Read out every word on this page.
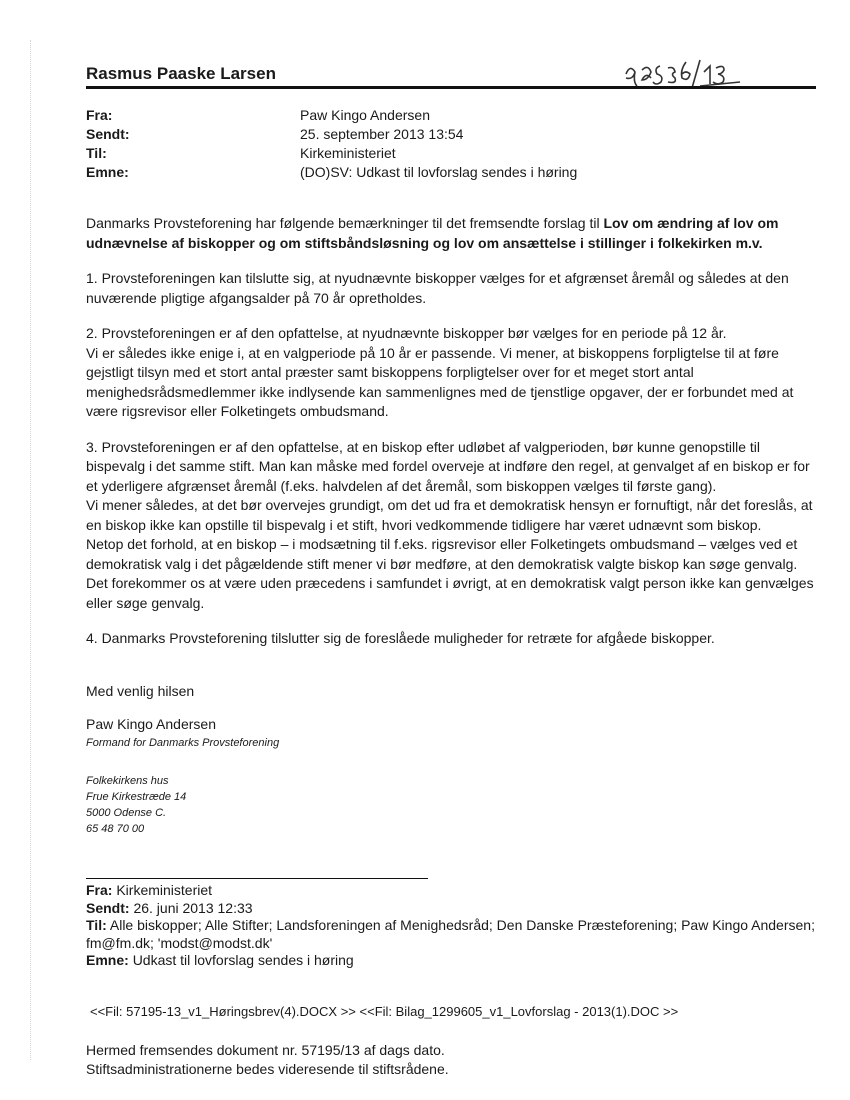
Rasmus Paaske Larsen
Fra:	Paw Kingo Andersen
Sendt:	25. september 2013 13:54
Til:	Kirkeministeriet
Emne:	(DO)SV: Udkast til lovforslag sendes i høring

Danmarks Provsteforening har følgende bemærkninger til det fremsendte forslag til Lov om ændring af lov om udnævnelse af biskopper og om stiftsbåndsløsning og lov om ansættelse i stillinger i folkekirken m.v.

1. Provsteforeningen kan tilslutte sig, at nyudnævnte biskopper vælges for et afgrænset åremål og således at den nuværende pligtige afgangsalder på 70 år opretholdes.

2. Provsteforeningen er af den opfattelse, at nyudnævnte biskopper bør vælges for en periode på 12 år.
Vi er således ikke enige i, at en valgperiode på 10 år er passende. Vi mener, at biskoppens forpligtelse til at føre gejstligt tilsyn med et stort antal præster samt biskoppens forpligtelser over for et meget stort antal menighedsrådsmedlemmer ikke indlysende kan sammenlignes med de tjenstlige opgaver, der er forbundet med at være rigsrevisor eller Folketingets ombudsmand.

3. Provsteforeningen er af den opfattelse, at en biskop efter udløbet af valgperioden, bør kunne genopstille til bispevalg i det samme stift. Man kan måske med fordel overveje at indføre den regel, at genvalget af en biskop er for et yderligere afgrænset åremål (f.eks. halvdelen af det åremål, som biskoppen vælges til første gang).
Vi mener således, at det bør overvejes grundigt, om det ud fra et demokratisk hensyn er fornuftigt, når det foreslås, at en biskop ikke kan opstille til bispevalg i et stift, hvori vedkommende tidligere har været udnævnt som biskop.
Netop det forhold, at en biskop – i modsætning til f.eks. rigsrevisor eller Folketingets ombudsmand – vælges ved et demokratisk valg i det pågældende stift mener vi bør medføre, at den demokratisk valgte biskop kan søge genvalg. Det forekommer os at være uden præcedens i samfundet i øvrigt, at en demokratisk valgt person ikke kan genvælges eller søge genvalg.

4. Danmarks Provsteforening tilslutter sig de foreslåede muligheder for retræte for afgåede biskopper.

Med venlig hilsen

Paw Kingo Andersen

Formand for Danmarks Provsteforening

Folkekirkens hus
Frue Kirkestræde 14
5000 Odense C.
65 48 70 00
Fra: Kirkeministeriet
Sendt: 26. juni 2013 12:33
Til: Alle biskopper; Alle Stifter; Landsforeningen af Menighedsråd; Den Danske Præsteforening; Paw Kingo Andersen; fm@fm.dk; 'modst@modst.dk'
Emne: Udkast til lovforslag sendes i høring
<<Fil: 57195-13_v1_Høringsbrev(4).DOCX >> <<Fil: Bilag_1299605_v1_Lovforslag - 2013(1).DOC >>
Hermed fremsendes dokument nr. 57195/13 af dags dato.
Stiftsadministrationerne bedes videresende til stiftsrådene.
